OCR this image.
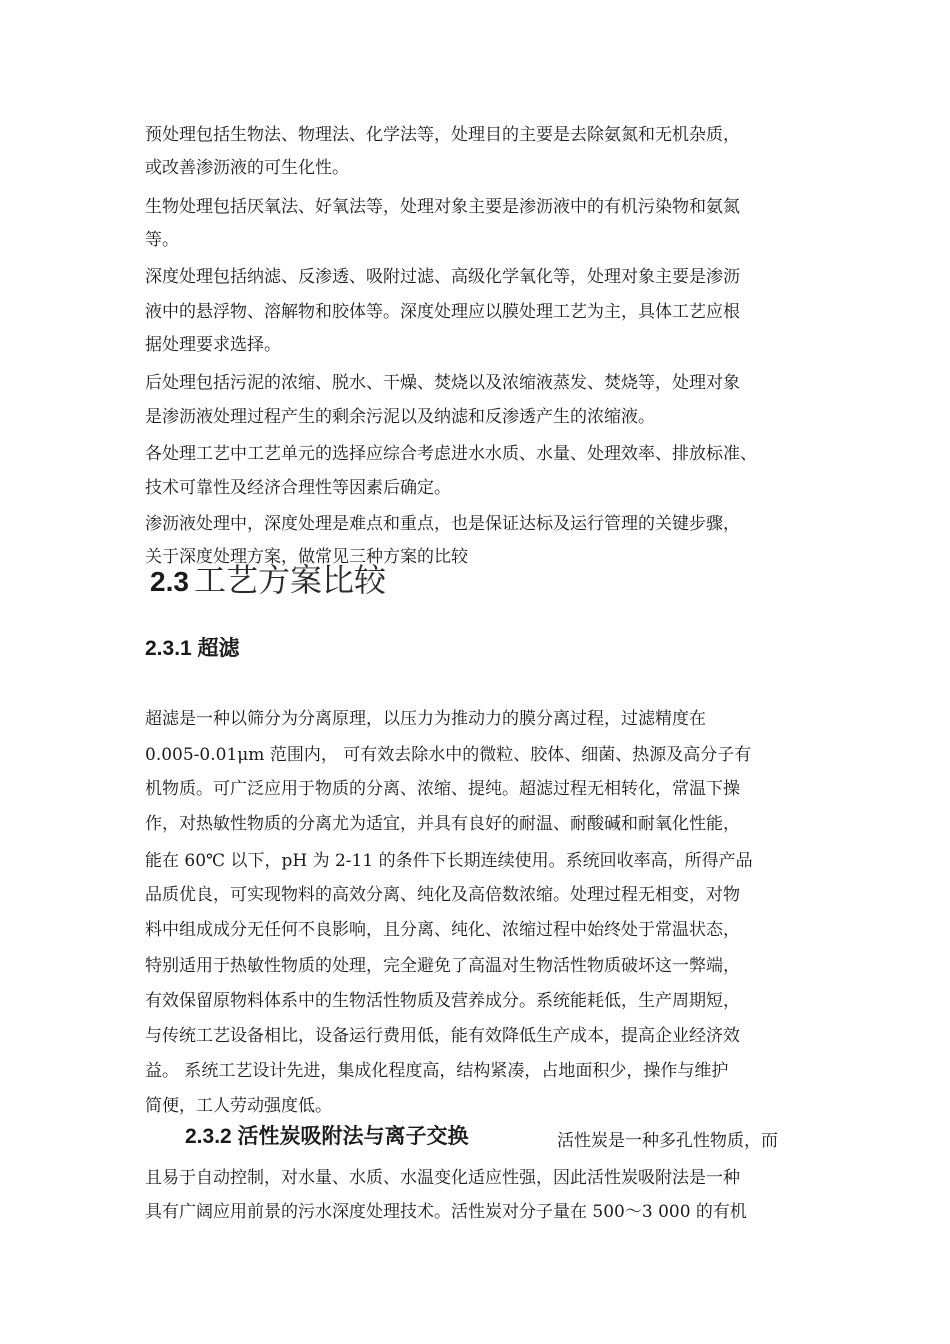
预处理包括生物法、物理法、化学法等，处理目的主要是去除氨氮和无机杂质，
或改善渗沥液的可生化性。
生物处理包括厌氧法、好氧法等，处理对象主要是渗沥液中的有机污染物和氨氮
等。
深度处理包括纳滤、反渗透、吸附过滤、高级化学氧化等，处理对象主要是渗沥
液中的悬浮物、溶解物和胶体等。深度处理应以膜处理工艺为主，具体工艺应根
据处理要求选择。
后处理包括污泥的浓缩、脱水、干燥、焚烧以及浓缩液蒸发、焚烧等，处理对象
是渗沥液处理过程产生的剩余污泥以及纳滤和反渗透产生的浓缩液。
各处理工艺中工艺单元的选择应综合考虑进水水质、水量、处理效率、排放标准、
技术可靠性及经济合理性等因素后确定。
渗沥液处理中，深度处理是难点和重点，也是保证达标及运行管理的关键步骤，
关于深度处理方案，做常见三种方案的比较
2.3 工艺方案比较
2.3.1 超滤
超滤是一种以筛分为分离原理，以压力为推动力的膜分离过程，过滤精度在
0.005-0.01μm 范围内， 可有效去除水中的微粒、胶体、细菌、热源及高分子有
机物质。可广泛应用于物质的分离、浓缩、提纯。超滤过程无相转化，常温下操
作，对热敏性物质的分离尤为适宜，并具有良好的耐温、耐酸碱和耐氧化性能，
能在 60℃ 以下，pH 为 2-11 的条件下长期连续使用。系统回收率高，所得产品
品质优良，可实现物料的高效分离、纯化及高倍数浓缩。处理过程无相变，对物
料中组成成分无任何不良影响，且分离、纯化、浓缩过程中始终处于常温状态，
特别适用于热敏性物质的处理，完全避免了高温对生物活性物质破坏这一弊端，
有效保留原物料体系中的生物活性物质及营养成分。系统能耗低，生产周期短，
与传统工艺设备相比，设备运行费用低，能有效降低生产成本，提高企业经济效
益。 系统工艺设计先进，集成化程度高，结构紧凑，占地面积少，操作与维护
简便，工人劳动强度低。
2.3.2 活性炭吸附法与离子交换	活性炭是一种多孔性物质，而
且易于自动控制，对水量、水质、水温变化适应性强，因此活性炭吸附法是一种
具有广阔应用前景的污水深度处理技术。活性炭对分子量在 500～3 000 的有机
